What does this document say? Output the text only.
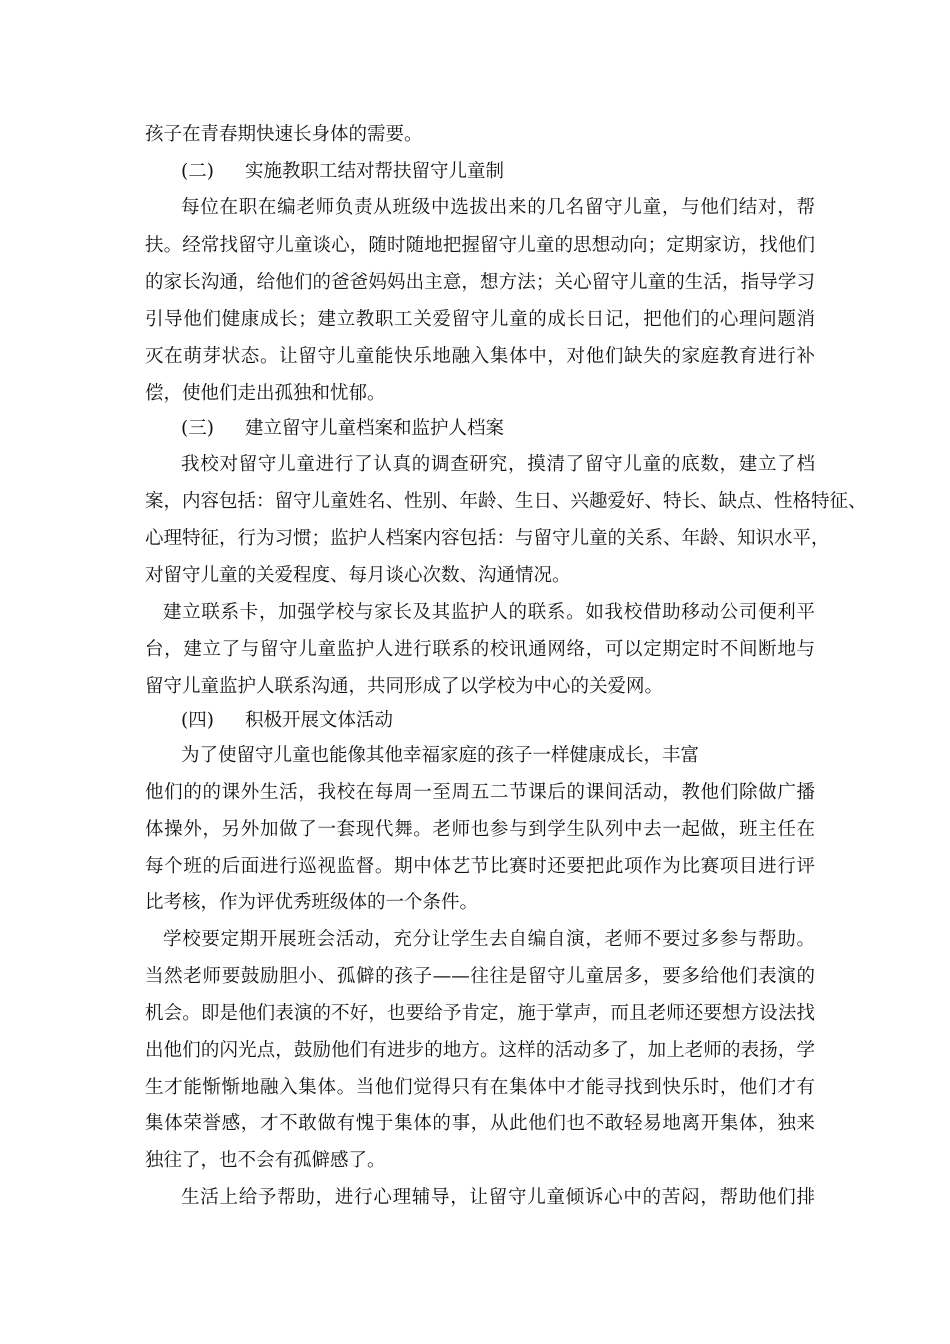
孩子在青春期快速长身体的需要。
(二) 实施教职工结对帮扶留守儿童制
每位在职在编老师负责从班级中选拔出来的几名留守儿童，与他们结对，帮
扶。经常找留守儿童谈心，随时随地把握留守儿童的思想动向；定期家访，找他们
的家长沟通，给他们的爸爸妈妈出主意，想方法；关心留守儿童的生活，指导学习
引导他们健康成长；建立教职工关爱留守儿童的成长日记，把他们的心理问题消
灭在萌芽状态。让留守儿童能快乐地融入集体中，对他们缺失的家庭教育进行补
偿，使他们走出孤独和忧郁。
(三) 建立留守儿童档案和监护人档案
我校对留守儿童进行了认真的调查研究，摸清了留守儿童的底数，建立了档
案，内容包括：留守儿童姓名、性别、年龄、生日、兴趣爱好、特长、缺点、性格特征、
心理特征，行为习惯；监护人档案内容包括：与留守儿童的关系、年龄、知识水平，
对留守儿童的关爱程度、每月谈心次数、沟通情况。
建立联系卡，加强学校与家长及其监护人的联系。如我校借助移动公司便利平
台，建立了与留守儿童监护人进行联系的校讯通网络，可以定期定时不间断地与
留守儿童监护人联系沟通，共同形成了以学校为中心的关爱网。
(四) 积极开展文体活动
为了使留守儿童也能像其他幸福家庭的孩子一样健康成长，丰富
他们的的课外生活，我校在每周一至周五二节课后的课间活动，教他们除做广播
体操外，另外加做了一套现代舞。老师也参与到学生队列中去一起做，班主任在
每个班的后面进行巡视监督。期中体艺节比赛时还要把此项作为比赛项目进行评
比考核，作为评优秀班级体的一个条件。
学校要定期开展班会活动，充分让学生去自编自演，老师不要过多参与帮助。
当然老师要鼓励胆小、孤僻的孩子——往往是留守儿童居多，要多给他们表演的
机会。即是他们表演的不好，也要给予肯定，施于掌声，而且老师还要想方设法找
出他们的闪光点，鼓励他们有进步的地方。这样的活动多了，加上老师的表扬，学
生才能惭惭地融入集体。当他们觉得只有在集体中才能寻找到快乐时，他们才有
集体荣誉感，才不敢做有愧于集体的事，从此他们也不敢轻易地离开集体，独来
独往了，也不会有孤僻感了。
生活上给予帮助，进行心理辅导，让留守儿童倾诉心中的苦闷，帮助他们排
